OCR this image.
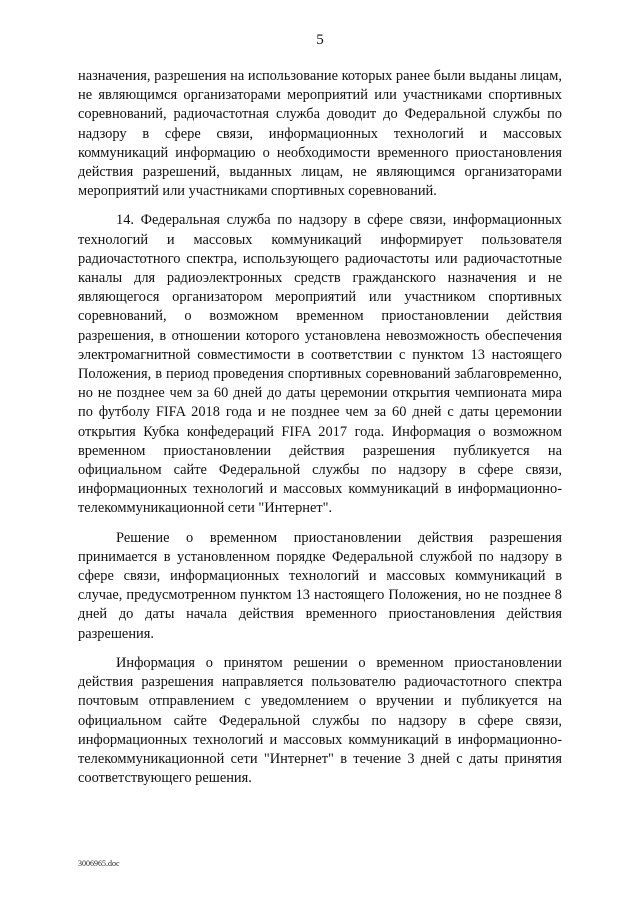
5

назначения, разрешения на использование которых ранее были выданы лицам, не являющимся организаторами мероприятий или участниками спортивных соревнований, радиочастотная служба доводит до Федеральной службы по надзору в сфере связи, информационных технологий и массовых коммуникаций информацию о необходимости временного приостановления действия разрешений, выданных лицам, не являющимся организаторами мероприятий или участниками спортивных соревнований.

14. Федеральная служба по надзору в сфере связи, информационных технологий и массовых коммуникаций информирует пользователя радиочастотного спектра, использующего радиочастоты или радиочастотные каналы для радиоэлектронных средств гражданского назначения и не являющегося организатором мероприятий или участником спортивных соревнований, о возможном временном приостановлении действия разрешения, в отношении которого установлена невозможность обеспечения электромагнитной совместимости в соответствии с пунктом 13 настоящего Положения, в период проведения спортивных соревнований заблаговременно, но не позднее чем за 60 дней до даты церемонии открытия чемпионата мира по футболу FIFA 2018 года и не позднее чем за 60 дней с даты церемонии открытия Кубка конфедераций FIFA 2017 года. Информация о возможном временном приостановлении действия разрешения публикуется на официальном сайте Федеральной службы по надзору в сфере связи, информационных технологий и массовых коммуникаций в информационно-телекоммуникационной сети "Интернет".

Решение о временном приостановлении действия разрешения принимается в установленном порядке Федеральной службой по надзору в сфере связи, информационных технологий и массовых коммуникаций в случае, предусмотренном пунктом 13 настоящего Положения, но не позднее 8 дней до даты начала действия временного приостановления действия разрешения.

Информация о принятом решении о временном приостановлении действия разрешения направляется пользователю радиочастотного спектра почтовым отправлением с уведомлением о вручении и публикуется на официальном сайте Федеральной службы по надзору в сфере связи, информационных технологий и массовых коммуникаций в информационно-телекоммуникационной сети "Интернет" в течение 3 дней с даты принятия соответствующего решения.

3006965.doc
